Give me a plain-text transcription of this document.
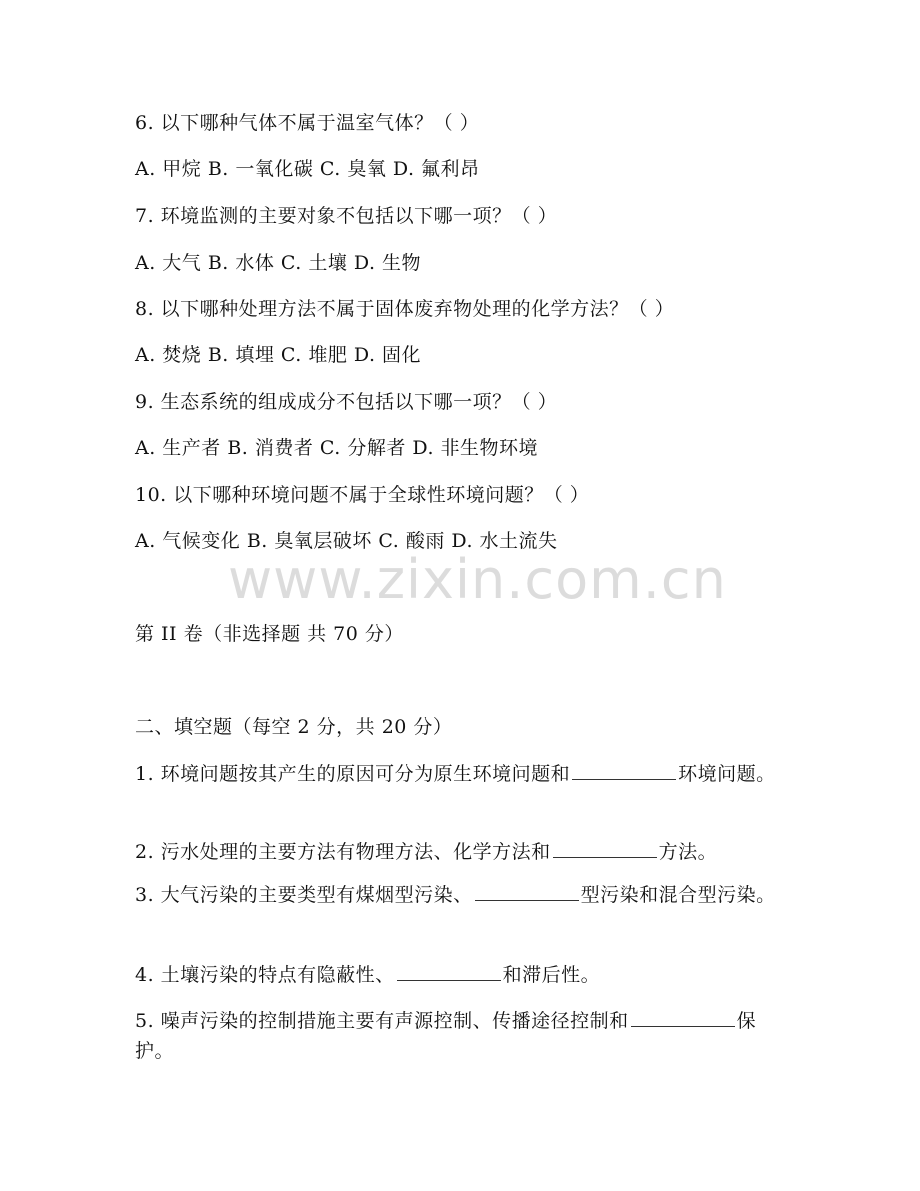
www.zixin.com.cn
6. 以下哪种气体不属于温室气体？（ ）
A. 甲烷 B. 一氧化碳 C. 臭氧 D. 氟利昂
7. 环境监测的主要对象不包括以下哪一项？（ ）
A. 大气 B. 水体 C. 土壤 D. 生物
8. 以下哪种处理方法不属于固体废弃物处理的化学方法？（ ）
A. 焚烧 B. 填埋 C. 堆肥 D. 固化
9. 生态系统的组成成分不包括以下哪一项？（ ）
A. 生产者 B. 消费者 C. 分解者 D. 非生物环境
10. 以下哪种环境问题不属于全球性环境问题？（ ）
A. 气候变化 B. 臭氧层破坏 C. 酸雨 D. 水土流失
第 II 卷（非选择题 共 70 分）
二、填空题（每空 2 分，共 20 分）
1. 环境问题按其产生的原因可分为原生环境问题和	环境问题。
2. 污水处理的主要方法有物理方法、化学方法和	方法。
3. 大气污染的主要类型有煤烟型污染、	型污染和混合型污染。
4. 土壤污染的特点有隐蔽性、	和滞后性。
5. 噪声污染的控制措施主要有声源控制、传播途径控制和	保护。
